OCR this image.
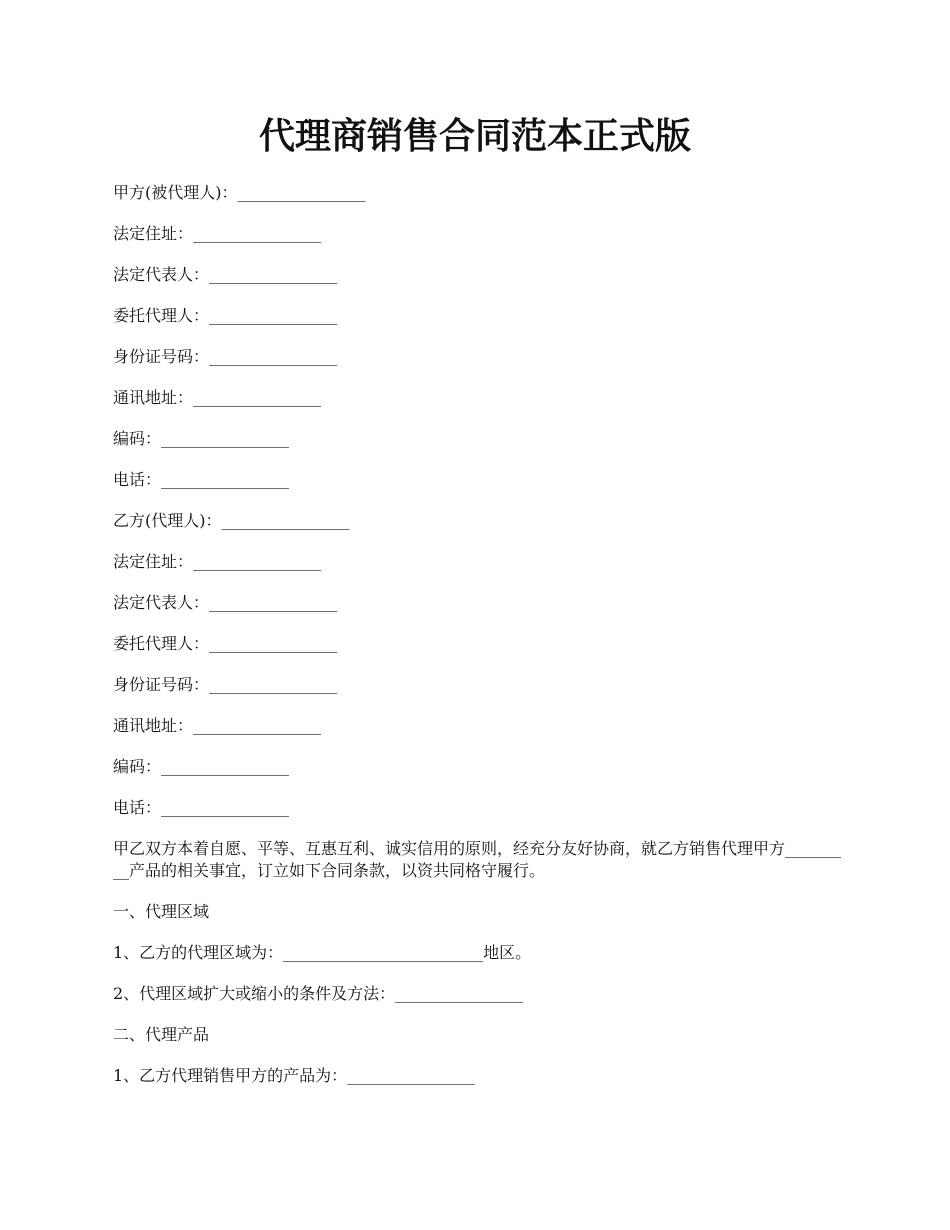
代理商销售合同范本正式版
甲方(被代理人)：________________
法定住址：________________
法定代表人：________________
委托代理人：________________
身份证号码：________________
通讯地址：________________
编码：________________
电话：________________
乙方(代理人)：________________
法定住址：________________
法定代表人：________________
委托代理人：________________
身份证号码：________________
通讯地址：________________
编码：________________
电话：________________
甲乙双方本着自愿、平等、互惠互利、诚实信用的原则，经充分友好协商，就乙方销售代理甲方_________产品的相关事宜，订立如下合同条款，以资共同格守履行。
一、代理区域
1、乙方的代理区域为：_________________________地区。
2、代理区域扩大或缩小的条件及方法：________________
二、代理产品
1、乙方代理销售甲方的产品为：________________
